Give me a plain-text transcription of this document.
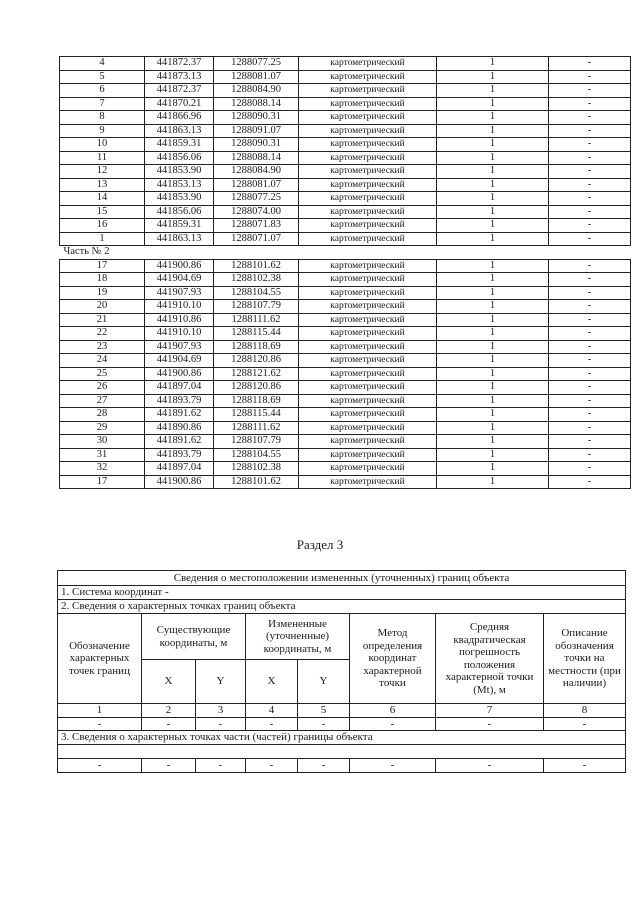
4	441872.37	1288077.25	картометрический	1	-
5	441873.13	1288081.07	картометрический	1	-
6	441872.37	1288084.90	картометрический	1	-
7	441870.21	1288088.14	картометрический	1	-
8	441866.96	1288090.31	картометрический	1	-
9	441863.13	1288091.07	картометрический	1	-
10	441859.31	1288090.31	картометрический	1	-
11	441856.06	1288088.14	картометрический	1	-
12	441853.90	1288084.90	картометрический	1	-
13	441853.13	1288081.07	картометрический	1	-
14	441853.90	1288077.25	картометрический	1	-
15	441856.06	1288074.00	картометрический	1	-
16	441859.31	1288071.83	картометрический	1	-
1	441863.13	1288071.07	картометрический	1	-
Часть № 2					
17	441900.86	1288101.62	картометрический	1	-
18	441904.69	1288102.38	картометрический	1	-
19	441907.93	1288104.55	картометрический	1	-
20	441910.10	1288107.79	картометрический	1	-
21	441910.86	1288111.62	картометрический	1	-
22	441910.10	1288115.44	картометрический	1	-
23	441907.93	1288118.69	картометрический	1	-
24	441904.69	1288120.86	картометрический	1	-
25	441900.86	1288121.62	картометрический	1	-
26	441897.04	1288120.86	картометрический	1	-
27	441893.79	1288118.69	картометрический	1	-
28	441891.62	1288115.44	картометрический	1	-
29	441890.86	1288111.62	картометрический	1	-
30	441891.62	1288107.79	картометрический	1	-
31	441893.79	1288104.55	картометрический	1	-
32	441897.04	1288102.38	картометрический	1	-
17	441900.86	1288101.62	картометрический	1	-
Раздел 3
Сведения о местоположении измененных (уточненных) границ объекта							
1. Система координат -							
2. Сведения о характерных точках границ объекта							
Обозначение характерных точек границ	Существующие координаты, м		Измененные (уточненные) координаты, м		Метод определения координат характерной точки	Средняя квадратическая погрешность положения характерной точки (Mt), м	Описание обозначения точки на местности (при наличии)
	X	Y	X	Y			
1	2	3	4	5	6	7	8
-	-	-	-	-	-	-	-
3. Сведения о характерных точках части (частей) границы объекта							

-	-	-	-	-	-	-	-
